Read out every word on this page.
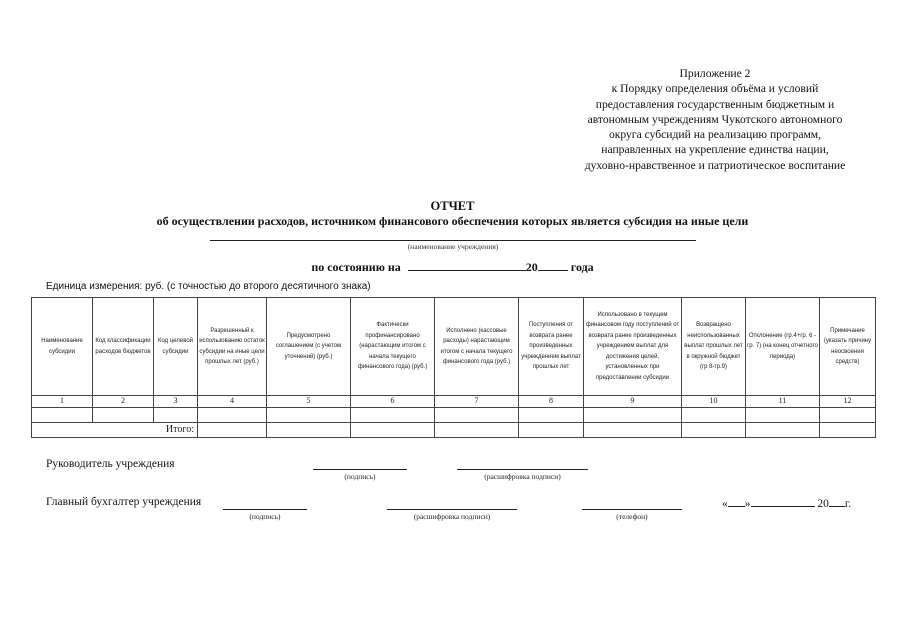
Приложение 2
к Порядку определения объёма и условий
предоставления государственным бюджетным и
автономным учреждениям Чукотского автономного
округа субсидий на реализацию программ,
направленных на укрепление единства нации,
духовно-нравственное и патриотическое воспитание
ОТЧЕТ
об осуществлении расходов, источником финансового обеспечения которых является субсидия на иные цели
(наименование учреждения)
по состоянию на	20	года
Единица измерения: руб. (с точностью до второго десятичного знака)
Наименование субсидии	Код классификации расходов бюджетов	Код целевой субсидии	Разрешенный к использованию остаток субсидии на иные цели прошлых лет (руб.)	Предусмотрено соглашением (с учетом уточнений) (руб.)	Фактически профинансировано (нарастающим итогом с начала текущего финансового года) (руб.)	Исполнено (кассовые расходы) нарастающим итогом с начала текущего финансового года (руб.)	Поступления от возврата ранее произведенных учреждением выплат прошлых лет	Использовано в текущем финансовом году поступлений от возврата ранее произведенных учреждением выплат для достижения целей, установленных при предоставлении субсидии	Возвращено неиспользованных выплат прошлых лет в окружной бюджет (гр 8-гр.9)	Отклонение (гр.4+гр. 6 - гр. 7) (на конец отчетного периода)	Примечание (указать причину неосвоения средств)
1	2	3	4	5	6	7	8	9	10	11	12

Итого:											
Руководитель учреждения
(подпись)	(расшифровка подписи)
Главный бухгалтер учреждения
(подпись)	(расшифровка подписи)	(телефон)
« »	20 г.
